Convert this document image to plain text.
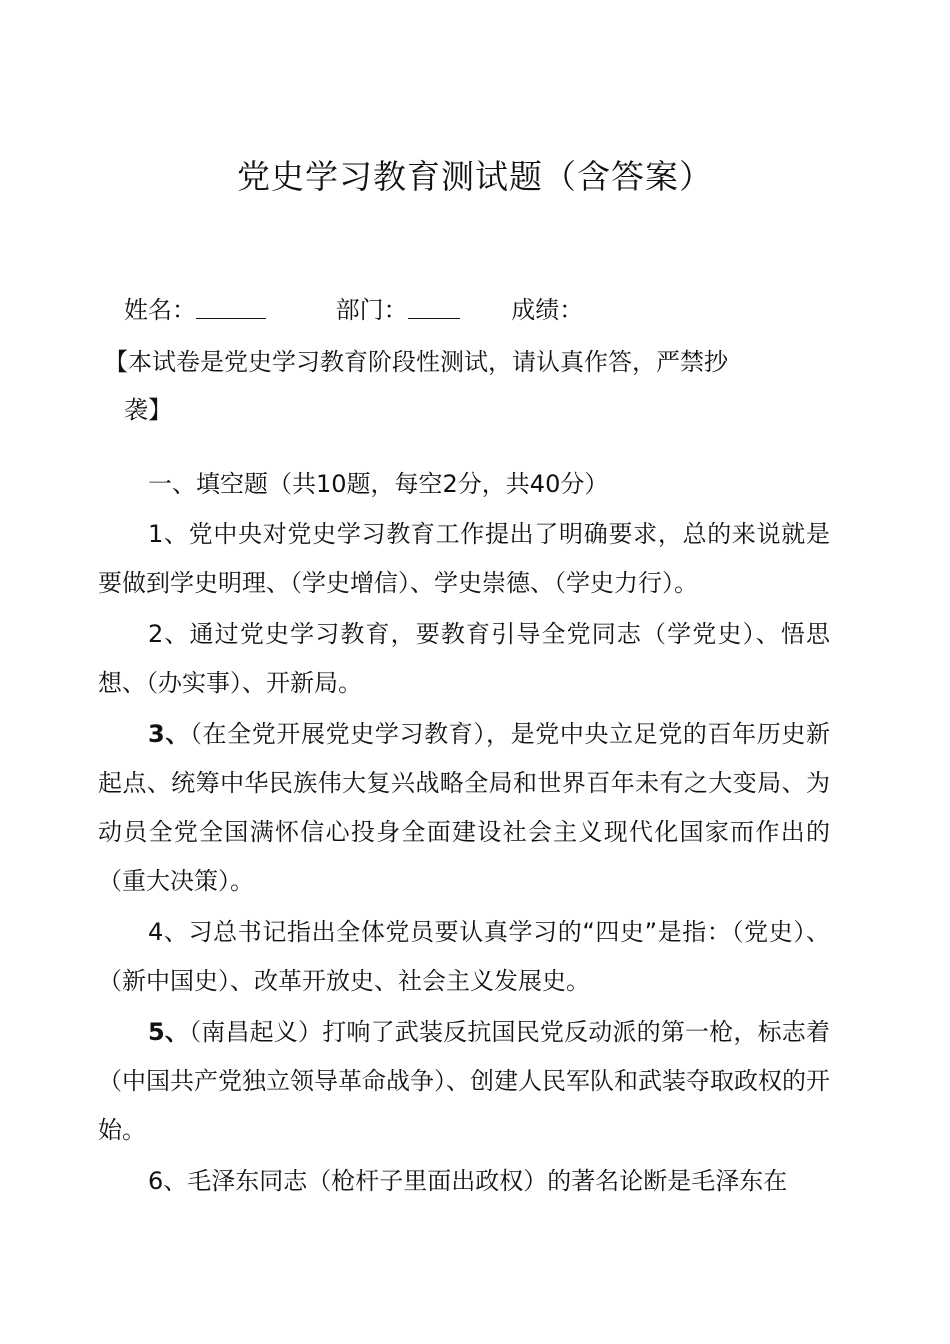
党史学习教育测试题（含答案）
姓名：	部门：	成绩：
【本试卷是党史学习教育阶段性测试，请认真作答，严禁抄
袭】
一、填空题（共10题，每空2分，共40分）

1、党中央对党史学习教育工作提出了明确要求，总的来说就是要做到学史明理、（学史增信）、学史崇德、（学史力行）。

2、通过党史学习教育，要教育引导全党同志（学党史）、悟思想、（办实事）、开新局。

3、（在全党开展党史学习教育），是党中央立足党的百年历史新起点、统筹中华民族伟大复兴战略全局和世界百年未有之大变局、为动员全党全国满怀信心投身全面建设社会主义现代化国家而作出的（重大决策）。

4、习总书记指出全体党员要认真学习的“四史”是指：（党史）、（新中国史）、改革开放史、社会主义发展史。

5、（南昌起义）打响了武装反抗国民党反动派的第一枪，标志着（中国共产党独立领导革命战争）、创建人民军队和武装夺取政权的开始。

6、毛泽东同志（枪杆子里面出政权）的著名论断是毛泽东在
